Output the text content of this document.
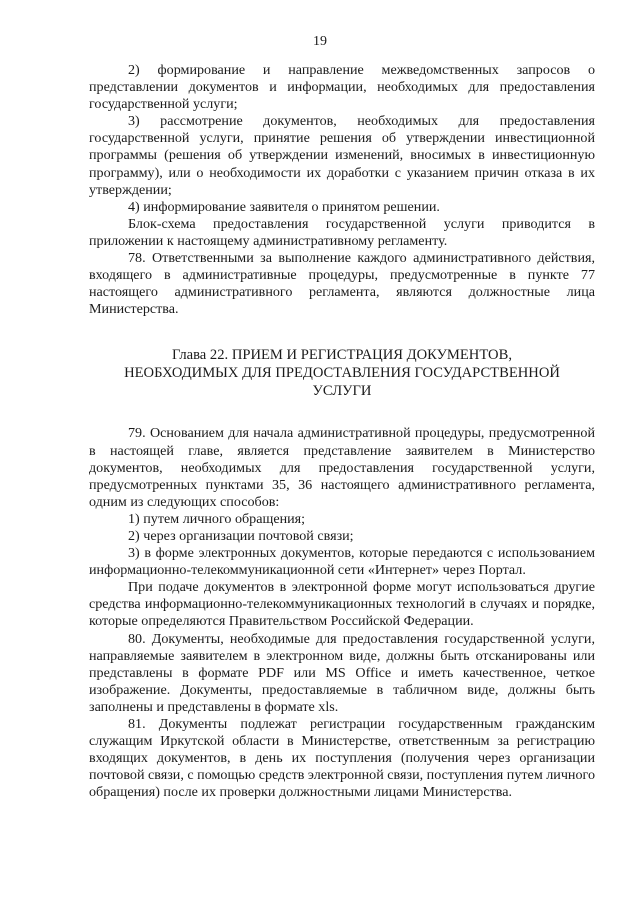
19

2) формирование и направление межведомственных запросов о представлении документов и информации, необходимых для предоставления государственной услуги;

3) рассмотрение документов, необходимых для предоставления государственной услуги, принятие решения об утверждении инвестиционной программы (решения об утверждении изменений, вносимых в инвестиционную программу), или о необходимости их доработки с указанием причин отказа в их утверждении;

4) информирование заявителя о принятом решении.

Блок-схема предоставления государственной услуги приводится в приложении к настоящему административному регламенту.

78. Ответственными за выполнение каждого административного действия, входящего в административные процедуры, предусмотренные в пункте 77 настоящего административного регламента, являются должностные лица Министерства.

Глава 22. ПРИЕМ И РЕГИСТРАЦИЯ ДОКУМЕНТОВ,
НЕОБХОДИМЫХ ДЛЯ ПРЕДОСТАВЛЕНИЯ ГОСУДАРСТВЕННОЙ
УСЛУГИ

79. Основанием для начала административной процедуры, предусмотренной в настоящей главе, является представление заявителем в Министерство документов, необходимых для предоставления государственной услуги, предусмотренных пунктами 35, 36 настоящего административного регламента, одним из следующих способов:

1) путем личного обращения;

2) через организации почтовой связи;

3) в форме электронных документов, которые передаются с использованием информационно-телекоммуникационной сети «Интернет» через Портал.

При подаче документов в электронной форме могут использоваться другие средства информационно-телекоммуникационных технологий в случаях и порядке, которые определяются Правительством Российской Федерации.

80. Документы, необходимые для предоставления государственной услуги, направляемые заявителем в электронном виде, должны быть отсканированы или представлены в формате PDF или MS Office и иметь качественное, четкое изображение. Документы, предоставляемые в табличном виде, должны быть заполнены и представлены в формате xls.

81. Документы подлежат регистрации государственным гражданским служащим Иркутской области в Министерстве, ответственным за регистрацию входящих документов, в день их поступления (получения через организации почтовой связи, с помощью средств электронной связи, поступления путем личного обращения) после их проверки должностными лицами Министерства.
